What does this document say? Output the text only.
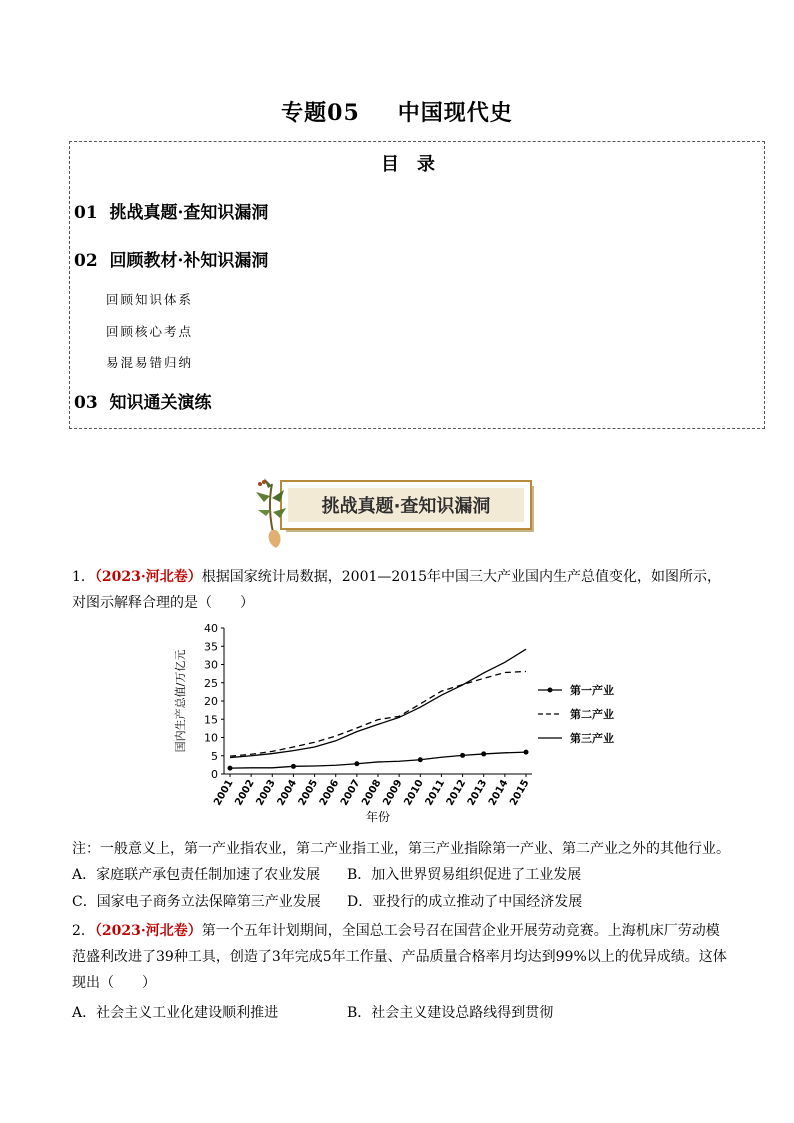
专题05 中国现代史
目录
01 挑战真题·查知识漏洞
02 回顾教材·补知识漏洞
回顾知识体系
回顾核心考点
易混易错归纳
03 知识通关演练
挑战真题·查知识漏洞
1．（2023·河北卷）根据国家统计局数据，2001—2015年中国三大产业国内生产总值变化，如图所示，对图示解释合理的是（　　）
0
5
10
15
20
25
30
35
40
2001
2002
2003
2004
2005
2006
2007
2008
2009
2010
2011
2012
2013
2014
2015
年份
国内生产总值/万亿元	第一产业
第二产业
第三产业
注：一般意义上，第一产业指农业，第二产业指工业，第三产业指除第一产业、第二产业之外的其他行业。
A．家庭联产承包责任制加速了农业发展 B．加入世界贸易组织促进了工业发展
C．国家电子商务立法保障第三产业发展 D．亚投行的成立推动了中国经济发展
2．（2023·河北卷）第一个五年计划期间，全国总工会号召在国营企业开展劳动竞赛。上海机床厂劳动模范盛利改进了39种工具，创造了3年完成5年工作量、产品质量合格率月均达到99%以上的优异成绩。这体现出（　　）
A．社会主义工业化建设顺利推进	B．社会主义建设总路线得到贯彻
